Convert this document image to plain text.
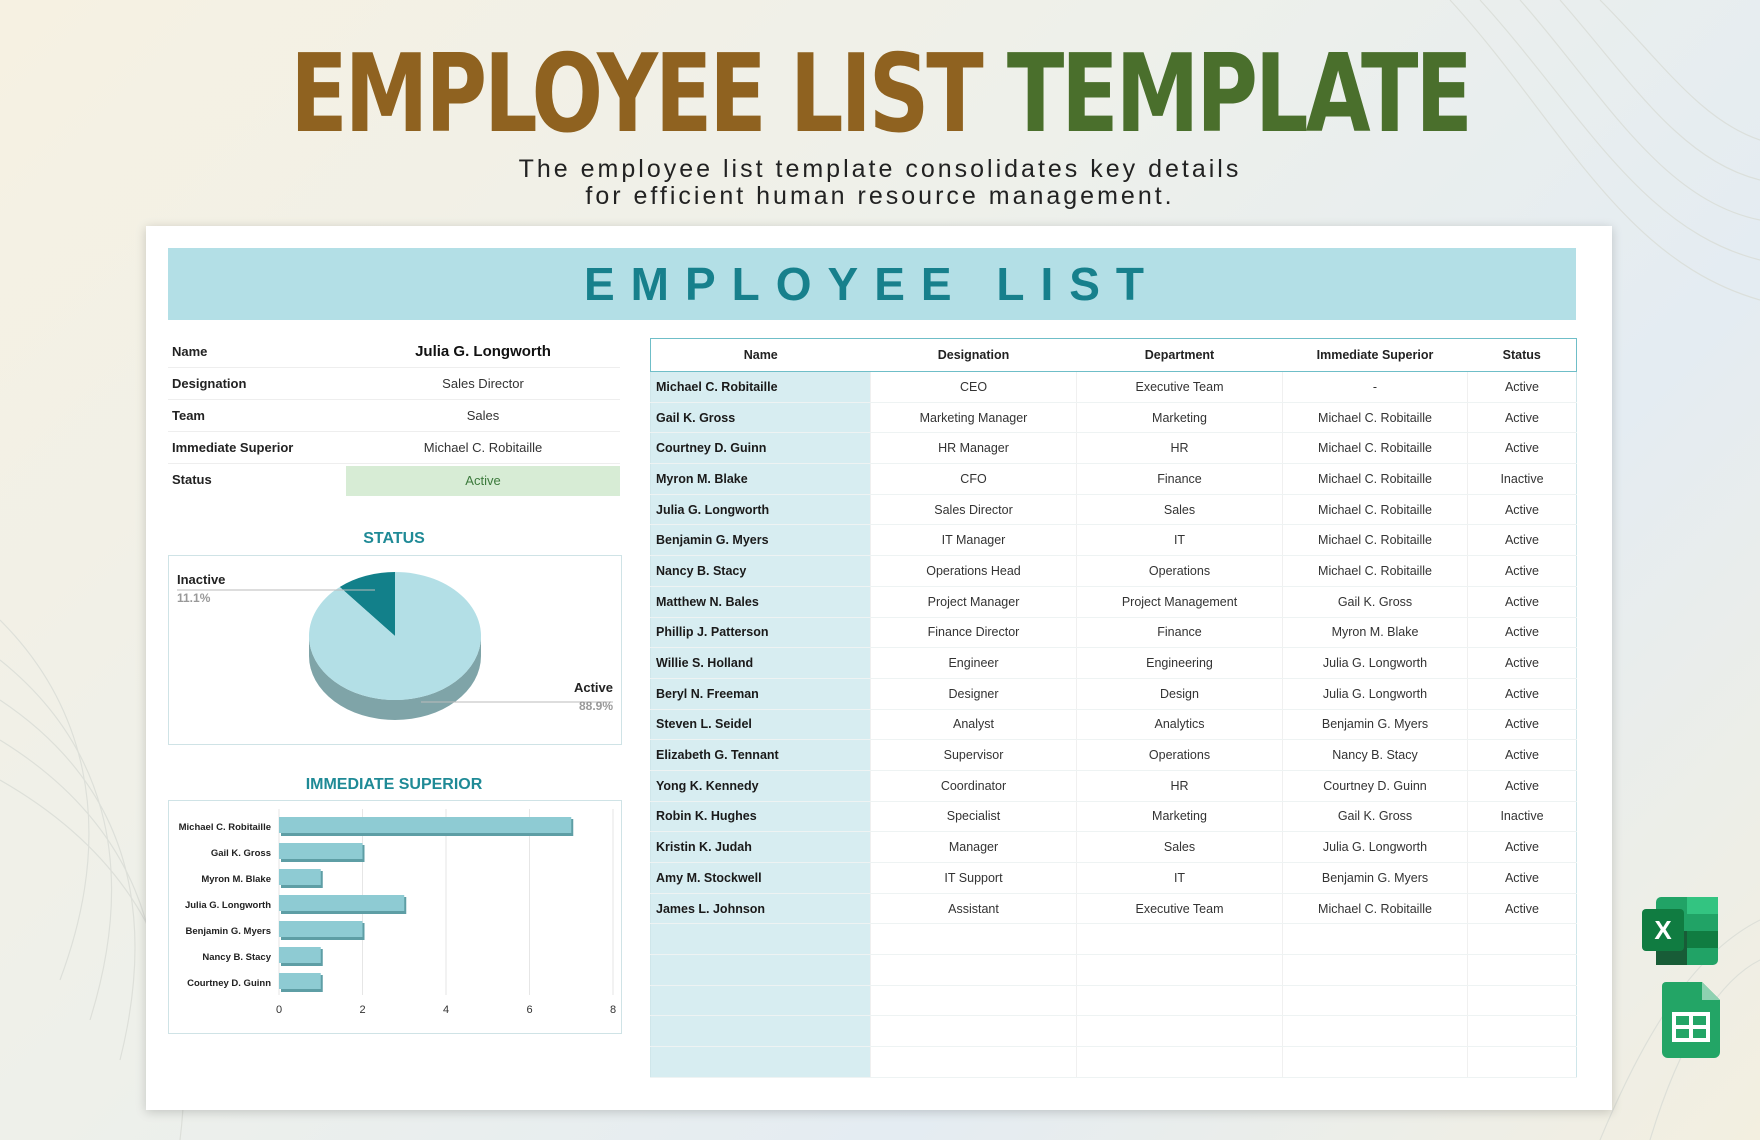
EMPLOYEE LIST TEMPLATE
The employee list template consolidates key details
for efficient human resource management.
EMPLOYEE LIST
Name	Julia G. Longworth
Designation	Sales Director
Team	Sales
Immediate Superior	Michael C. Robitaille
Status	Active
STATUS
Inactive
11.1%
Active
88.9%
IMMEDIATE SUPERIOR
0	2	4	6	8
Michael C. Robitaille
Gail K. Gross
Myron M. Blake
Julia G. Longworth
Benjamin G. Myers
Nancy B. Stacy
Courtney D. Guinn
Name	Designation	Department	Immediate Superior	Status
Michael C. Robitaille	CEO	Executive Team	-	Active
Gail K. Gross	Marketing Manager	Marketing	Michael C. Robitaille	Active
Courtney D. Guinn	HR Manager	HR	Michael C. Robitaille	Active
Myron M. Blake	CFO	Finance	Michael C. Robitaille	Inactive
Julia G. Longworth	Sales Director	Sales	Michael C. Robitaille	Active
Benjamin G. Myers	IT Manager	IT	Michael C. Robitaille	Active
Nancy B. Stacy	Operations Head	Operations	Michael C. Robitaille	Active
Matthew N. Bales	Project Manager	Project Management	Gail K. Gross	Active
Phillip J. Patterson	Finance Director	Finance	Myron M. Blake	Active
Willie S. Holland	Engineer	Engineering	Julia G. Longworth	Active
Beryl N. Freeman	Designer	Design	Julia G. Longworth	Active
Steven L. Seidel	Analyst	Analytics	Benjamin G. Myers	Active
Elizabeth G. Tennant	Supervisor	Operations	Nancy B. Stacy	Active
Yong K. Kennedy	Coordinator	HR	Courtney D. Guinn	Active
Robin K. Hughes	Specialist	Marketing	Gail K. Gross	Inactive
Kristin K. Judah	Manager	Sales	Julia G. Longworth	Active
Amy M. Stockwell	IT Support	IT	Benjamin G. Myers	Active
James L. Johnson	Assistant	Executive Team	Michael C. Robitaille	Active

X
